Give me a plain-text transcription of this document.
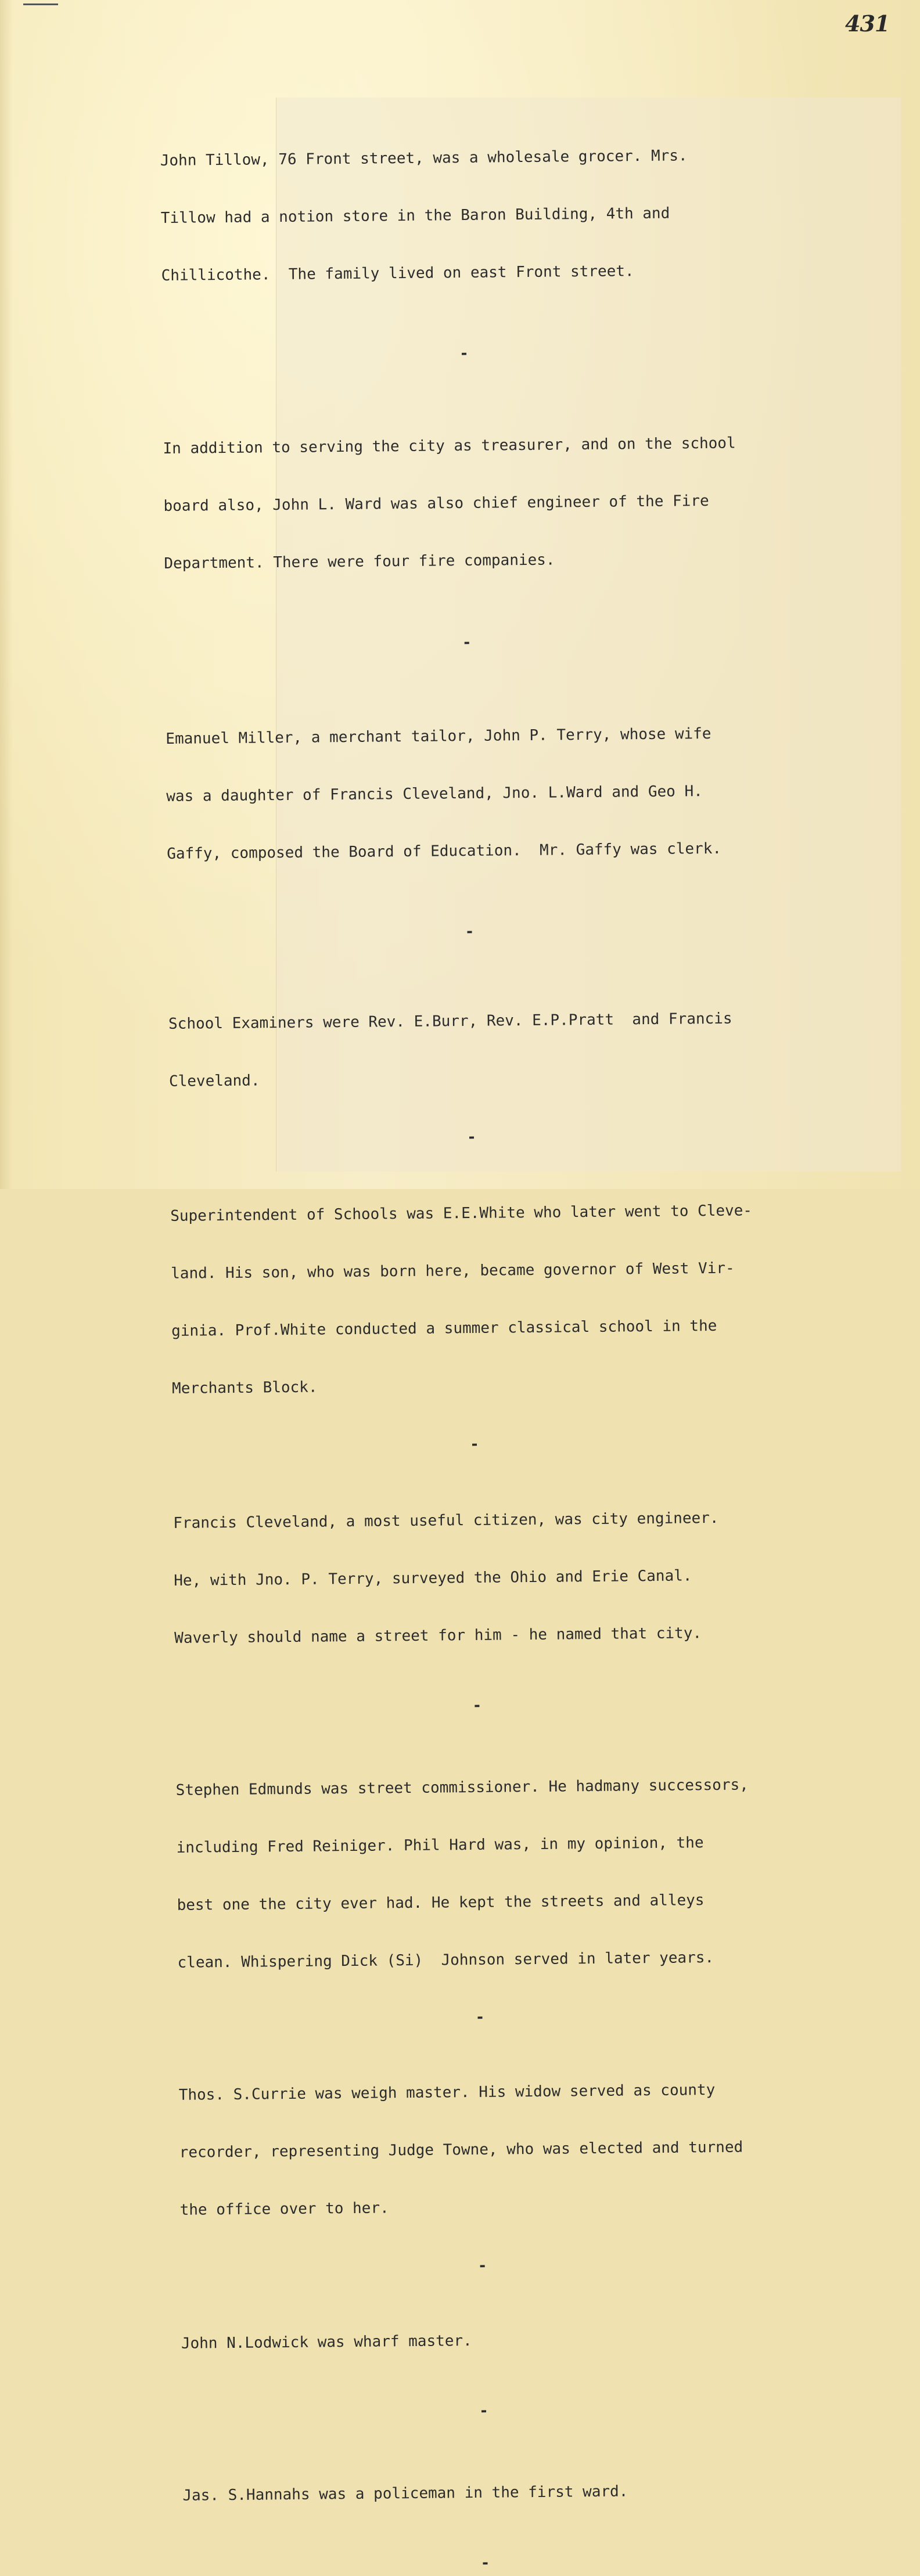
431

John Tillow, 76 Front street, was a wholesale grocer. Mrs.

Tillow had a notion store in the Baron Building, 4th and

Chillicothe.  The family lived on east Front street.

-

In addition to serving the city as treasurer, and on the school

board also, John L. Ward was also chief engineer of the Fire

Department. There were four fire companies.

-

Emanuel Miller, a merchant tailor, John P. Terry, whose wife

was a daughter of Francis Cleveland, Jno. L.Ward and Geo H.

Gaffy, composed the Board of Education.  Mr. Gaffy was clerk.

-

School Examiners were Rev. E.Burr, Rev. E.P.Pratt  and Francis

Cleveland.

-

Superintendent of Schools was E.E.White who later went to Cleve-

land. His son, who was born here, became governor of West Vir-

ginia. Prof.White conducted a summer classical school in the

Merchants Block.

-

Francis Cleveland, a most useful citizen, was city engineer.

He, with Jno. P. Terry, surveyed the Ohio and Erie Canal.

Waverly should name a street for him - he named that city.

-

Stephen Edmunds was street commissioner. He hadmany successors,

including Fred Reiniger. Phil Hard was, in my opinion, the

best one the city ever had. He kept the streets and alleys

clean. Whispering Dick (Si)  Johnson served in later years.

-

Thos. S.Currie was weigh master. His widow served as county

recorder, representing Judge Towne, who was elected and turned

the office over to her.

-

John N.Lodwick was wharf master.

-

Jas. S.Hannahs was a policeman in the first ward.

-
